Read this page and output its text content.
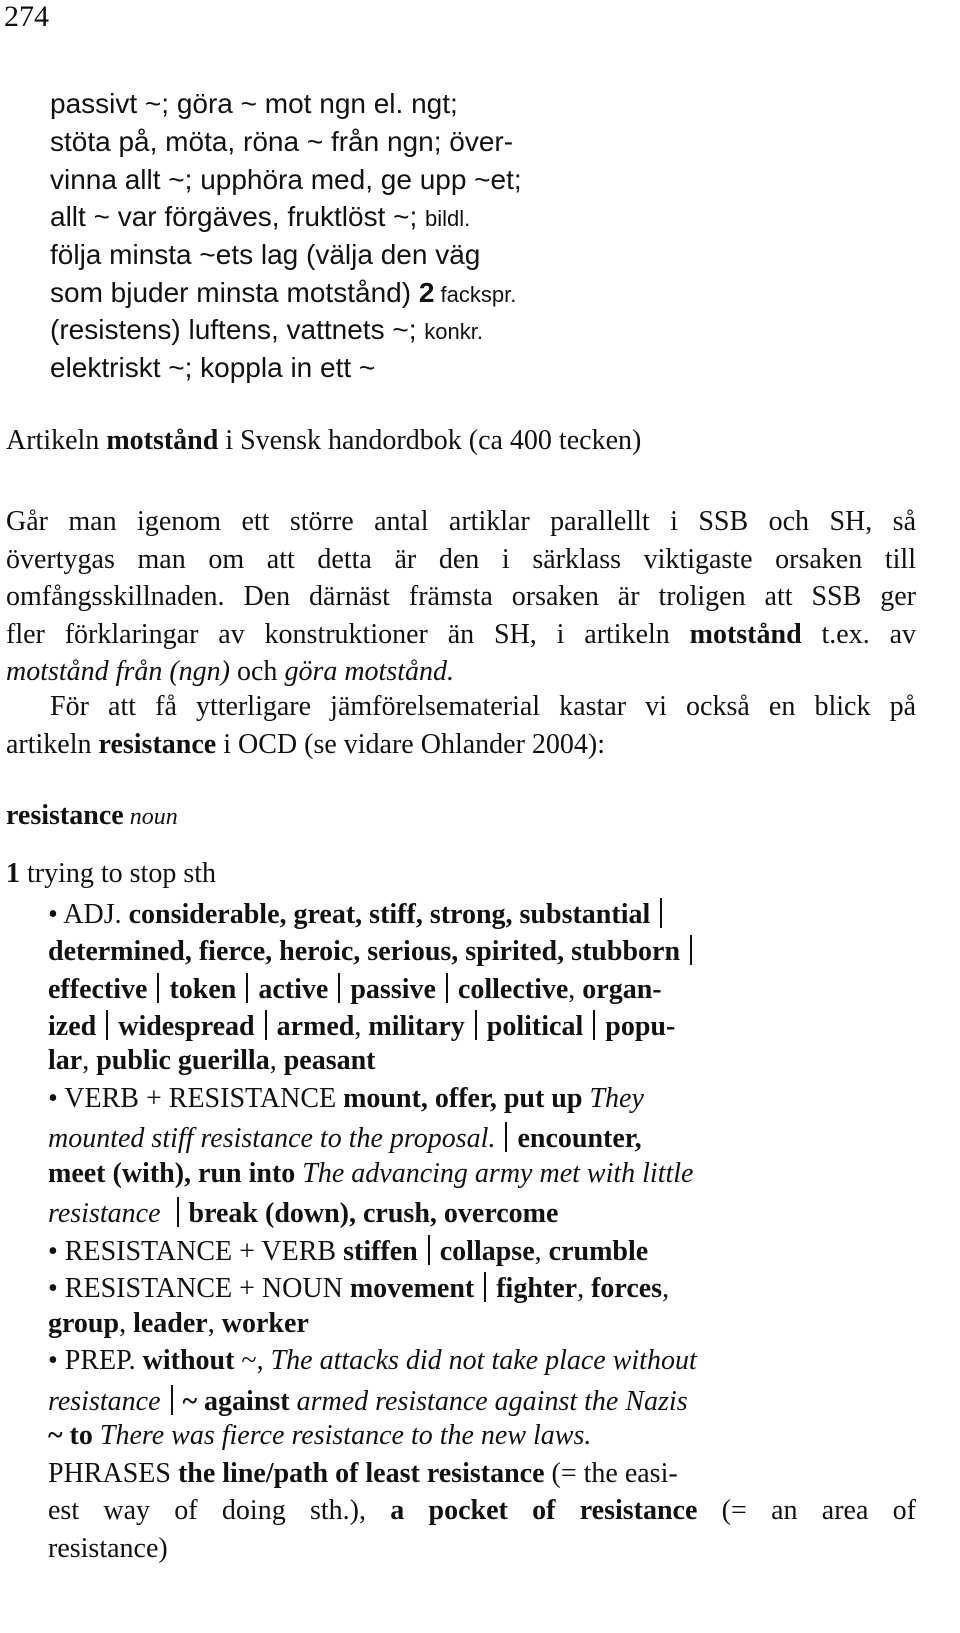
274
passivt ~; göra ~ mot ngn el. ngt;
stöta på, möta, röna ~ från ngn; över-
vinna allt ~; upphöra med, ge upp ~et;
allt ~ var förgäves, fruktlöst ~; bildl.
följa minsta ~ets lag (välja den väg
som bjuder minsta motstånd) 2 fackspr.
(resistens) luftens, vattnets ~; konkr.
elektriskt ~; koppla in ett ~
Artikeln motstånd i Svensk handordbok (ca 400 tecken)
Går man igenom ett större antal artiklar parallellt i SSB och SH, så
övertygas man om att detta är den i särklass viktigaste orsaken till
omfångsskillnaden. Den därnäst främsta orsaken är troligen att SSB ger
fler förklaringar av konstruktioner än SH, i artikeln motstånd t.ex. av
motstånd från (ngn) och göra motstånd.
För att få ytterligare jämförelsematerial kastar vi också en blick på
artikeln resistance i OCD (se vidare Ohlander 2004):
resistance noun
1 trying to stop sth
• ADJ. considerable, great, stiff, strong, substantial
determined, fierce, heroic, serious, spirited, stubborn
effective token active passive collective, organ-
ized widespread armed, military political popu-
lar, public guerilla, peasant
• VERB + RESISTANCE mount, offer, put up They
mounted stiff resistance to the proposal. encounter,
meet (with), run into The advancing army met with little
resistance break (down), crush, overcome
• RESISTANCE + VERB stiffen collapse, crumble
• RESISTANCE + NOUN movement fighter, forces,
group, leader, worker
• PREP. without ~, The attacks did not take place without
resistance ~ against armed resistance against the Nazis
~ to There was fierce resistance to the new laws.
PHRASES the line/path of least resistance (= the easi-
est way of doing sth.), a pocket of resistance (= an area of
resistance)
